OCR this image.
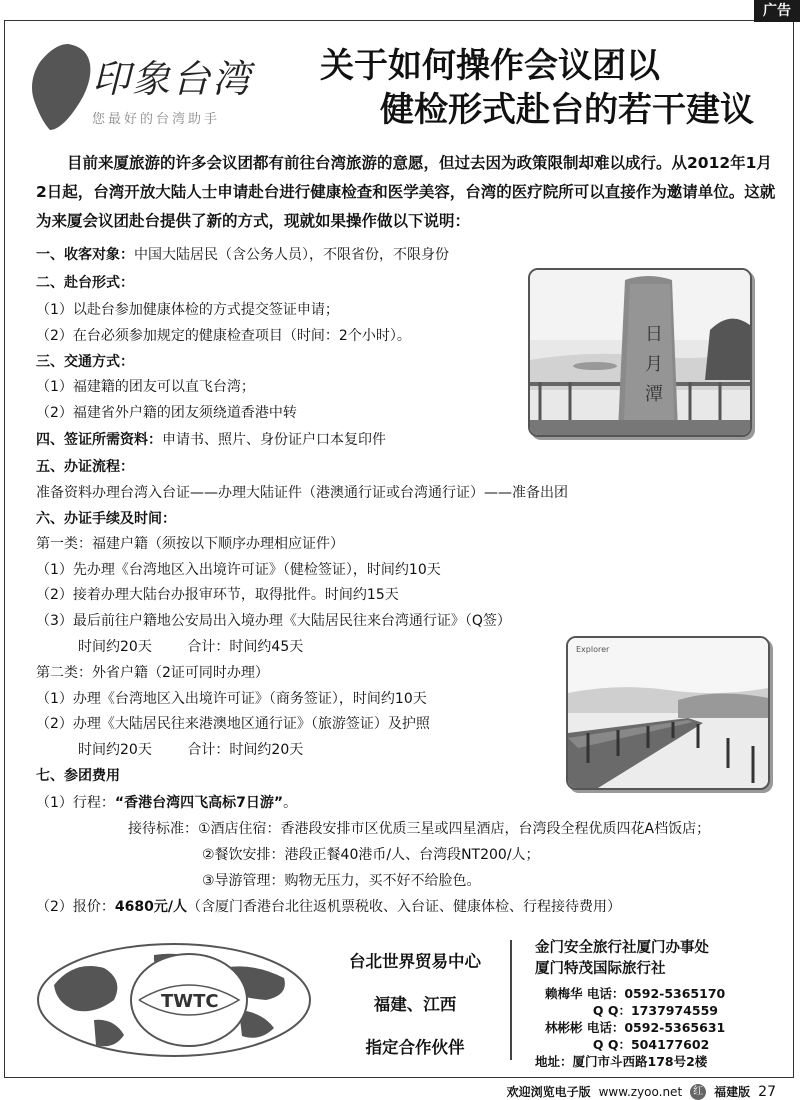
广告
印象台湾
您最好的台湾助手
关于如何操作会议团以
健检形式赴台的若干建议
目前来厦旅游的许多会议团都有前往台湾旅游的意愿，但过去因为政策限制却难以成行。从2012年1月2日起，台湾开放大陆人士申请赴台进行健康检查和医学美容，台湾的医疗院所可以直接作为邀请单位。这就为来厦会议团赴台提供了新的方式，现就如果操作做以下说明：
一、收客对象：中国大陆居民（含公务人员），不限省份，不限身份
二、赴台形式：
（1）以赴台参加健康体检的方式提交签证申请；
（2）在台必须参加规定的健康检查项目（时间：2个小时）。
三、交通方式：
（1）福建籍的团友可以直飞台湾；
（2）福建省外户籍的团友须绕道香港中转
四、签证所需资料：申请书、照片、身份证户口本复印件
五、办证流程：
准备资料办理台湾入台证——办理大陆证件（港澳通行证或台湾通行证）——准备出团
六、办证手续及时间：
第一类：福建户籍（须按以下顺序办理相应证件）
（1）先办理《台湾地区入出境许可证》（健检签证），时间约10天
（2）接着办理大陆台办报审环节，取得批件。时间约15天
（3）最后前往户籍地公安局出入境办理《大陆居民往来台湾通行证》（Q签）
时间约20天        合计：时间约45天
第二类：外省户籍（2证可同时办理）
（1）办理《台湾地区入出境许可证》（商务签证），时间约10天
（2）办理《大陆居民往来港澳地区通行证》（旅游签证）及护照
时间约20天        合计：时间约20天
七、参团费用
（1）行程：“香港台湾四飞高标7日游”。
接待标准：①酒店住宿：香港段安排市区优质三星或四星酒店，台湾段全程优质四花A档饭店；
②餐饮安排：港段正餐40港币/人、台湾段NT200/人；
③导游管理：购物无压力，买不好不给脸色。
（2）报价：4680元/人（含厦门香港台北往返机票税收、入台证、健康体检、行程接待费用）
日
月
潭
Explorer
TWTC
台北世界贸易中心
福建、江西
指定合作伙伴
金门安全旅行社厦门办事处
厦门特茂国际旅行社
赖梅华 电话：0592-5365170
Q Q：1737974559
林彬彬 电话：0592-5365631
Q Q：504177602
地址：厦门市斗西路178号2楼
欢迎浏览电子版 www.zyoo.net	红 福建版 27
